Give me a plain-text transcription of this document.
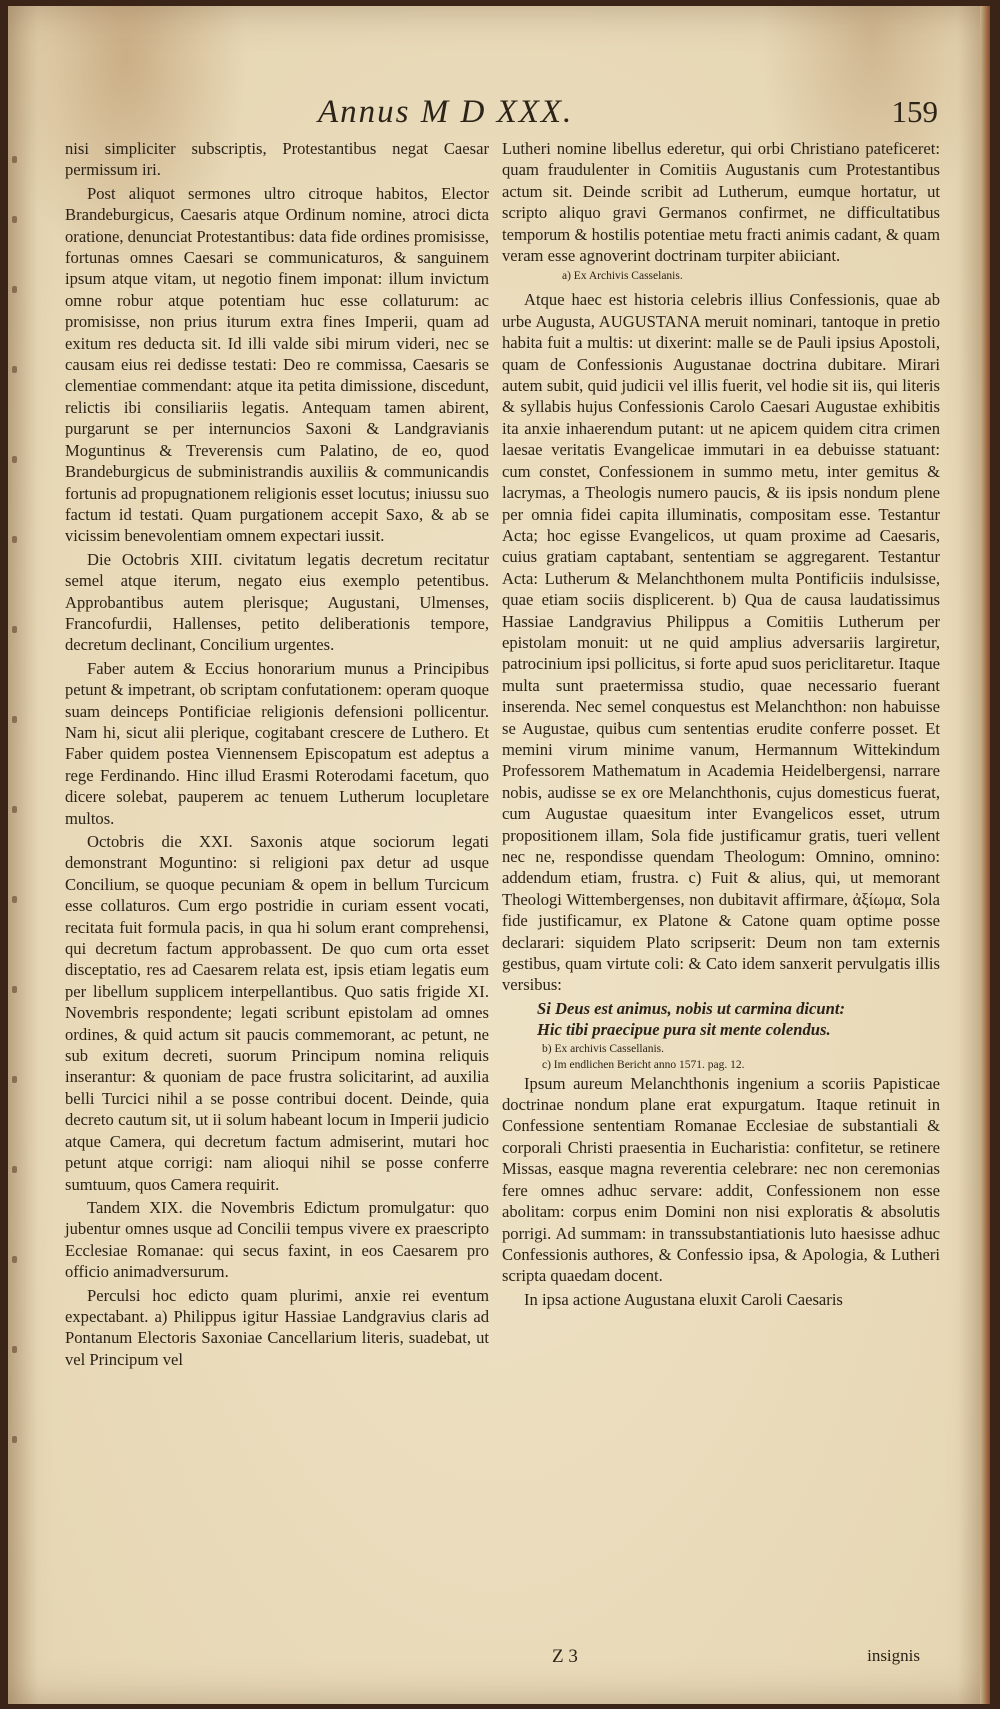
Annus M D XXX.	159

nisi simpliciter subscriptis, Protestantibus negat Caesar permissum iri.

Post aliquot sermones ultro citroque habitos, Elector Brandeburgicus, Caesaris atque Ordinum nomine, atroci dicta oratione, denunciat Protestantibus: data fide ordines promisisse, fortunas omnes Caesari se communicaturos, & sanguinem ipsum atque vitam, ut negotio finem imponat: illum invictum omne robur atque potentiam huc esse collaturum: ac promisisse, non prius iturum extra fines Imperii, quam ad exitum res deducta sit. Id illi valde sibi mirum videri, nec se causam eius rei dedisse testati: Deo re commissa, Caesaris se clementiae commendant: atque ita petita dimissione, discedunt, relictis ibi consiliariis legatis. Antequam tamen abirent, purgarunt se per internuncios Saxoni & Landgravianis Moguntinus & Treverensis cum Palatino, de eo, quod Brandeburgicus de subministrandis auxiliis & communicandis fortunis ad propugnationem religionis esset locutus; iniussu suo factum id testati. Quam purgationem accepit Saxo, & ab se vicissim benevolentiam omnem expectari iussit.

Die Octobris XIII. civitatum legatis decretum recitatur semel atque iterum, negato eius exemplo petentibus. Approbantibus autem plerisque; Augustani, Ulmenses, Francofurdii, Hallenses, petito deliberationis tempore, decretum declinant, Concilium urgentes.

Faber autem & Eccius honorarium munus a Principibus petunt & impetrant, ob scriptam confutationem: operam quoque suam deinceps Pontificiae religionis defensioni pollicentur. Nam hi, sicut alii plerique, cogitabant crescere de Luthero. Et Faber quidem postea Viennensem Episcopatum est adeptus a rege Ferdinando. Hinc illud Erasmi Roterodami facetum, quo dicere solebat, pauperem ac tenuem Lutherum locupletare multos.

Octobris die XXI. Saxonis atque sociorum legati demonstrant Moguntino: si religioni pax detur ad usque Concilium, se quoque pecuniam & opem in bellum Turcicum esse collaturos. Cum ergo postridie in curiam essent vocati, recitata fuit formula pacis, in qua hi solum erant comprehensi, qui decretum factum approbassent. De quo cum orta esset disceptatio, res ad Caesarem relata est, ipsis etiam legatis eum per libellum supplicem interpellantibus. Quo satis frigide XI. Novembris respondente; legati scribunt epistolam ad omnes ordines, & quid actum sit paucis commemorant, ac petunt, ne sub exitum decreti, suorum Principum nomina reliquis inserantur: & quoniam de pace frustra solicitarint, ad auxilia belli Turcici nihil a se posse contribui docent. Deinde, quia decreto cautum sit, ut ii solum habeant locum in Imperii judicio atque Camera, qui decretum factum admiserint, mutari hoc petunt atque corrigi: nam alioqui nihil se posse conferre sumtuum, quos Camera requirit.

Tandem XIX. die Novembris Edictum promulgatur: quo jubentur omnes usque ad Concilii tempus vivere ex praescripto Ecclesiae Romanae: qui secus faxint, in eos Caesarem pro officio animadversurum.

Perculsi hoc edicto quam plurimi, anxie rei eventum expectabant. a) Philippus igitur Hassiae Landgravius claris ad Pontanum Electoris Saxoniae Cancellarium literis, suadebat, ut vel Principum vel

Lutheri nomine libellus ederetur, qui orbi Christiano pateficeret: quam fraudulenter in Comitiis Augustanis cum Protestantibus actum sit. Deinde scribit ad Lutherum, eumque hortatur, ut scripto aliquo gravi Germanos confirmet, ne difficultatibus temporum & hostilis potentiae metu fracti animis cadant, & quam veram esse agnoverint doctrinam turpiter abiiciant.

a) Ex Archivis Casselanis.

Atque haec est historia celebris illius Confessionis, quae ab urbe Augusta, AUGUSTANA meruit nominari, tantoque in pretio habita fuit a multis: ut dixerint: malle se de Pauli ipsius Apostoli, quam de Confessionis Augustanae doctrina dubitare. Mirari autem subit, quid judicii vel illis fuerit, vel hodie sit iis, qui literis & syllabis hujus Confessionis Carolo Caesari Augustae exhibitis ita anxie inhaerendum putant: ut ne apicem quidem citra crimen laesae veritatis Evangelicae immutari in ea debuisse statuant: cum constet, Confessionem in summo metu, inter gemitus & lacrymas, a Theologis numero paucis, & iis ipsis nondum plene per omnia fidei capita illuminatis, compositam esse. Testantur Acta; hoc egisse Evangelicos, ut quam proxime ad Caesaris, cuius gratiam captabant, sententiam se aggregarent. Testantur Acta: Lutherum & Melanchthonem multa Pontificiis indulsisse, quae etiam sociis displicerent. b) Qua de causa laudatissimus Hassiae Landgravius Philippus a Comitiis Lutherum per epistolam monuit: ut ne quid amplius adversariis largiretur, patrocinium ipsi pollicitus, si forte apud suos periclitaretur. Itaque multa sunt praetermissa studio, quae necessario fuerant inserenda. Nec semel conquestus est Melanchthon: non habuisse se Augustae, quibus cum sententias erudite conferre posset. Et memini virum minime vanum, Hermannum Wittekindum Professorem Mathematum in Academia Heidelbergensi, narrare nobis, audisse se ex ore Melanchthonis, cujus domesticus fuerat, cum Augustae quaesitum inter Evangelicos esset, utrum propositionem illam, Sola fide justificamur gratis, tueri vellent nec ne, respondisse quendam Theologum: Omnino, omnino: addendum etiam, frustra. c) Fuit & alius, qui, ut memorant Theologi Wittembergenses, non dubitavit affirmare, ἀξίωμα, Sola fide justificamur, ex Platone & Catone quam optime posse declarari: siquidem Plato scripserit: Deum non tam externis gestibus, quam virtute coli: & Cato idem sanxerit pervulgatis illis versibus:

Si Deus est animus, nobis ut carmina dicunt:

Hic tibi praecipue pura sit mente colendus.

b) Ex archivis Cassellanis.

c) Im endlichen Bericht anno 1571. pag. 12.

Ipsum aureum Melanchthonis ingenium a scoriis Papisticae doctrinae nondum plane erat expurgatum. Itaque retinuit in Confessione sententiam Romanae Ecclesiae de substantiali & corporali Christi praesentia in Eucharistia: confitetur, se retinere Missas, easque magna reverentia celebrare: nec non ceremonias fere omnes adhuc servare: addit, Confessionem non esse abolitam: corpus enim Domini non nisi exploratis & absolutis porrigi. Ad summam: in transsubstantiationis luto haesisse adhuc Confessionis authores, & Confessio ipsa, & Apologia, & Lutheri scripta quaedam docent.

In ipsa actione Augustana eluxit Caroli Caesaris

Z 3	insignis
